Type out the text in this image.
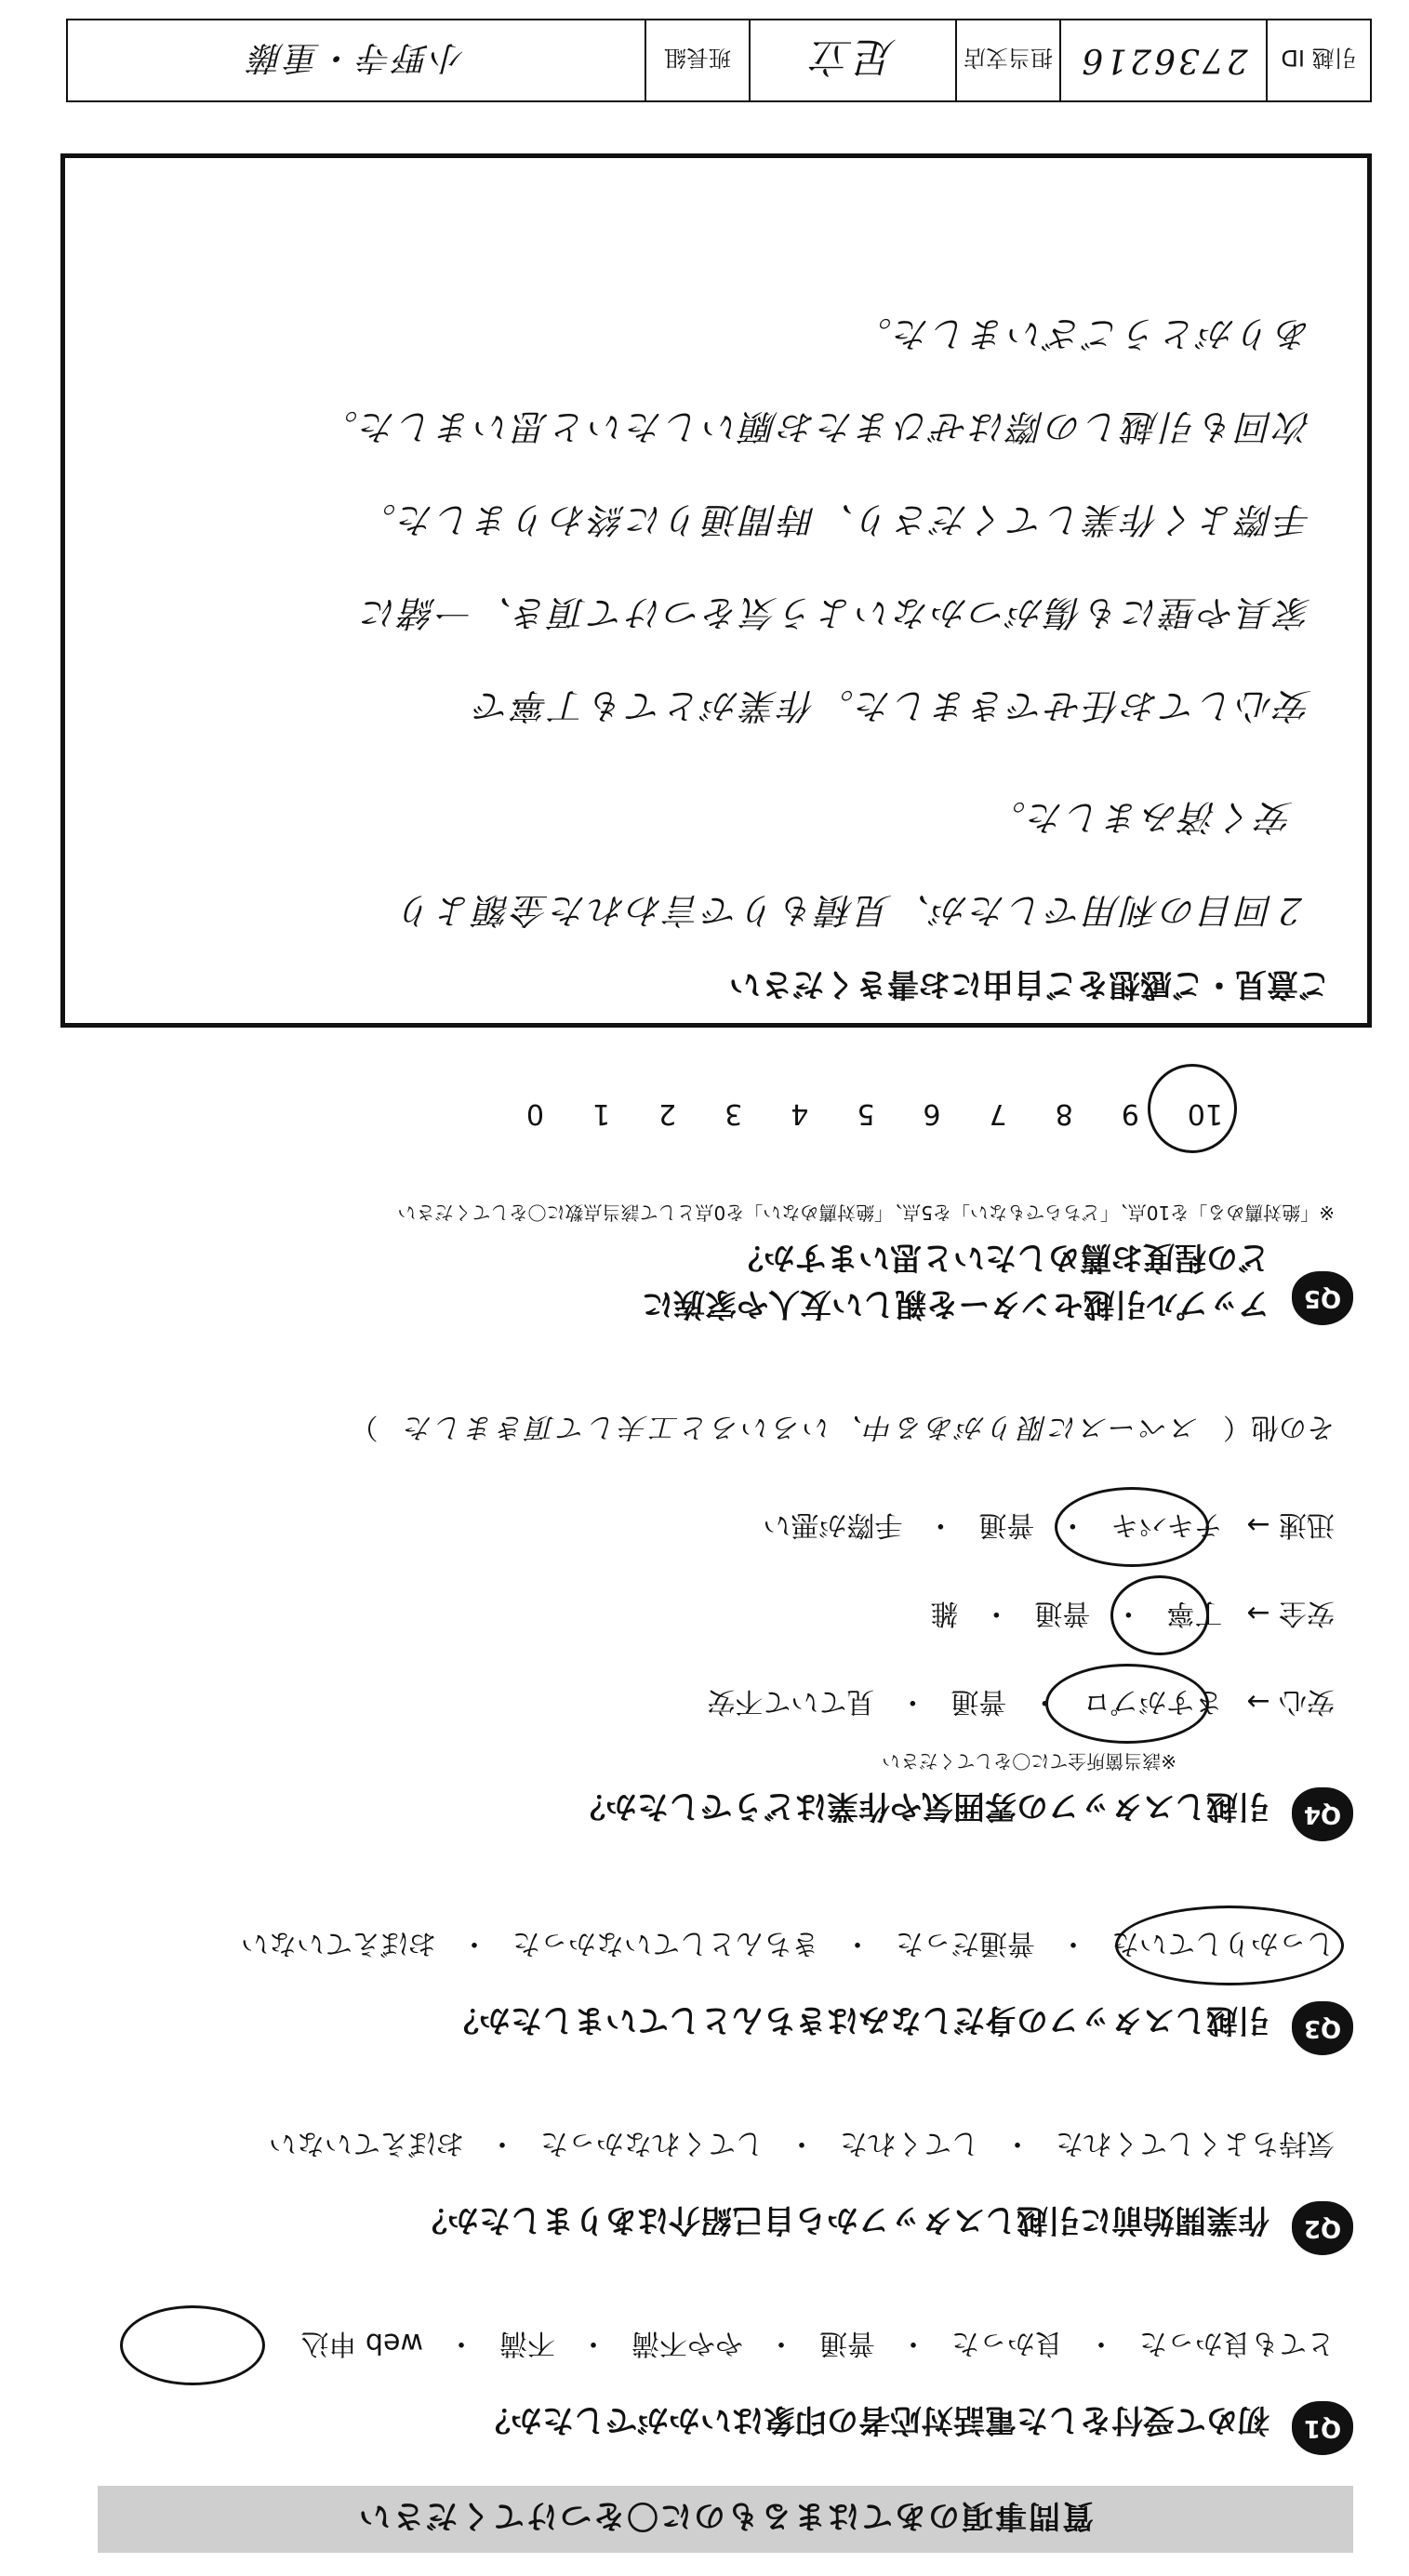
質問事項のあてはまるものに〇をつけてください
Q1
初めて受付をした電話対応者の印象はいかがでしたか？
とても良かった
・
良かった
・
普通
・
やや不満
・
不満
・
web 申込
Q2
作業開始前に引越しスタッフから自己紹介はありましたか？
気持ちよくしてくれた
・
してくれた
・
してくれなかった
・
おぼえていない
Q3
引越しスタッフの身だしなみはきちんとしていましたか？
しっかりしていた
・
普通だった
・
きちんとしていなかった
・
おぼえていない
Q4
引越しスタッフの雰囲気や作業はどうでしたか？
※該当箇所全てに〇をしてください
安心 →
さすがプロ
・
普通
・
見ていて不安
安全 →
丁寧
・
普通
・
雑
迅速 →
テキパキ
・
普通
・
手際が悪い
その他（
スペースに限りがある中、いろいろと工夫して頂きました
）
Q5
アップル引越センターを親しい友人や家族に
どの程度お薦めしたいと思いますか？
※「絶対薦める」を10点、「どちらでもない」を5点、「絶対薦めない」を0点として該当点数に〇をしてください
10
9
8
7
6
5
4
3
2
1
0
ご意見・ご感想をご自由にお書きください
２回目の利用でしたが、見積もりで言われた金額より
安く済みました。
安心してお任せできました。作業がとても丁寧で
家具や壁にも傷がつかないよう気をつけて頂き、一緒に
手際よく作業してくださり、時間通りに終わりました。
次回も引越しの際はぜひまたお願いしたいと思いました。
ありがとうございました。
引越 ID
2736216
担当支店
足立
班長組
小野寺・重藤
